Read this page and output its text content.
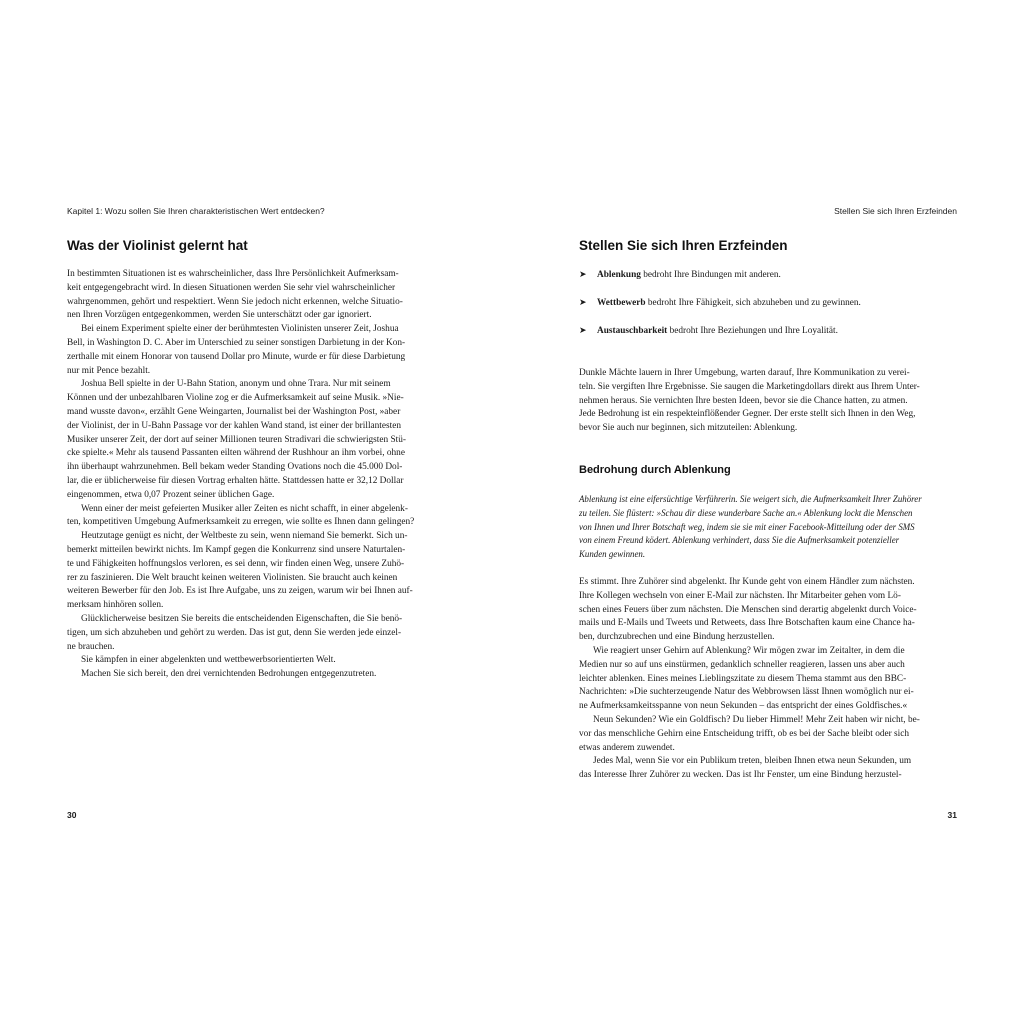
Kapitel 1: Wozu sollen Sie Ihren charakteristischen Wert entdecken?
Was der Violinist gelernt hat
In bestimmten Situationen ist es wahrscheinlicher, dass Ihre Persönlichkeit Aufmerksam-
keit entgegengebracht wird. In diesen Situationen werden Sie sehr viel wahrscheinlicher
wahrgenommen, gehört und respektiert. Wenn Sie jedoch nicht erkennen, welche Situatio-
nen Ihren Vorzügen entgegenkommen, werden Sie unterschätzt oder gar ignoriert.
Bei einem Experiment spielte einer der berühmtesten Violinisten unserer Zeit, Joshua
Bell, in Washington D. C. Aber im Unterschied zu seiner sonstigen Darbietung in der Kon-
zerthalle mit einem Honorar von tausend Dollar pro Minute, wurde er für diese Darbietung
nur mit Pence bezahlt.
Joshua Bell spielte in der U-Bahn Station, anonym und ohne Trara. Nur mit seinem
Können und der unbezahlbaren Violine zog er die Aufmerksamkeit auf seine Musik. »Nie-
mand wusste davon«, erzählt Gene Weingarten, Journalist bei der Washington Post, »aber
der Violinist, der in U-Bahn Passage vor der kahlen Wand stand, ist einer der brillantesten
Musiker unserer Zeit, der dort auf seiner Millionen teuren Stradivari die schwierigsten Stü-
cke spielte.« Mehr als tausend Passanten eilten während der Rushhour an ihm vorbei, ohne
ihn überhaupt wahrzunehmen. Bell bekam weder Standing Ovations noch die 45.000 Dol-
lar, die er üblicherweise für diesen Vortrag erhalten hätte. Stattdessen hatte er 32,12 Dollar
eingenommen, etwa 0,07 Prozent seiner üblichen Gage.
Wenn einer der meist gefeierten Musiker aller Zeiten es nicht schafft, in einer abgelenk-
ten, kompetitiven Umgebung Aufmerksamkeit zu erregen, wie sollte es Ihnen dann gelingen?
Heutzutage genügt es nicht, der Weltbeste zu sein, wenn niemand Sie bemerkt. Sich un-
bemerkt mitteilen bewirkt nichts. Im Kampf gegen die Konkurrenz sind unsere Naturtalen-
te und Fähigkeiten hoffnungslos verloren, es sei denn, wir finden einen Weg, unsere Zuhö-
rer zu faszinieren. Die Welt braucht keinen weiteren Violinisten. Sie braucht auch keinen
weiteren Bewerber für den Job. Es ist Ihre Aufgabe, uns zu zeigen, warum wir bei Ihnen auf-
merksam hinhören sollen.
Glücklicherweise besitzen Sie bereits die entscheidenden Eigenschaften, die Sie benö-
tigen, um sich abzuheben und gehört zu werden. Das ist gut, denn Sie werden jede einzel-
ne brauchen.
Sie kämpfen in einer abgelenkten und wettbewerbsorientierten Welt.
Machen Sie sich bereit, den drei vernichtenden Bedrohungen entgegenzutreten.
30
Stellen Sie sich Ihren Erzfeinden
Stellen Sie sich Ihren Erzfeinden
➤ Ablenkung bedroht Ihre Bindungen mit anderen.
➤ Wettbewerb bedroht Ihre Fähigkeit, sich abzuheben und zu gewinnen.
➤ Austauschbarkeit bedroht Ihre Beziehungen und Ihre Loyalität.
Dunkle Mächte lauern in Ihrer Umgebung, warten darauf, Ihre Kommunikation zu verei-
teln. Sie vergiften Ihre Ergebnisse. Sie saugen die Marketingdollars direkt aus Ihrem Unter-
nehmen heraus. Sie vernichten Ihre besten Ideen, bevor sie die Chance hatten, zu atmen.
Jede Bedrohung ist ein respekteinflößender Gegner. Der erste stellt sich Ihnen in den Weg,
bevor Sie auch nur beginnen, sich mitzuteilen: Ablenkung.
Bedrohung durch Ablenkung
Ablenkung ist eine eifersüchtige Verführerin. Sie weigert sich, die Aufmerksamkeit Ihrer Zuhörer
zu teilen. Sie flüstert: »Schau dir diese wunderbare Sache an.« Ablenkung lockt die Menschen
von Ihnen und Ihrer Botschaft weg, indem sie sie mit einer Facebook-Mitteilung oder der SMS
von einem Freund ködert. Ablenkung verhindert, dass Sie die Aufmerksamkeit potenzieller
Kunden gewinnen.
Es stimmt. Ihre Zuhörer sind abgelenkt. Ihr Kunde geht von einem Händler zum nächsten.
Ihre Kollegen wechseln von einer E-Mail zur nächsten. Ihr Mitarbeiter gehen vom Lö-
schen eines Feuers über zum nächsten. Die Menschen sind derartig abgelenkt durch Voice-
mails und E-Mails und Tweets und Retweets, dass Ihre Botschaften kaum eine Chance ha-
ben, durchzubrechen und eine Bindung herzustellen.
Wie reagiert unser Gehirn auf Ablenkung? Wir mögen zwar im Zeitalter, in dem die
Medien nur so auf uns einstürmen, gedanklich schneller reagieren, lassen uns aber auch
leichter ablenken. Eines meines Lieblingszitate zu diesem Thema stammt aus den BBC-
Nachrichten: »Die suchterzeugende Natur des Webbrowsen lässt Ihnen womöglich nur ei-
ne Aufmerksamkeitsspanne von neun Sekunden – das entspricht der eines Goldfisches.«
Neun Sekunden? Wie ein Goldfisch? Du lieber Himmel! Mehr Zeit haben wir nicht, be-
vor das menschliche Gehirn eine Entscheidung trifft, ob es bei der Sache bleibt oder sich
etwas anderem zuwendet.
Jedes Mal, wenn Sie vor ein Publikum treten, bleiben Ihnen etwa neun Sekunden, um
das Interesse Ihrer Zuhörer zu wecken. Das ist Ihr Fenster, um eine Bindung herzustel-
31
